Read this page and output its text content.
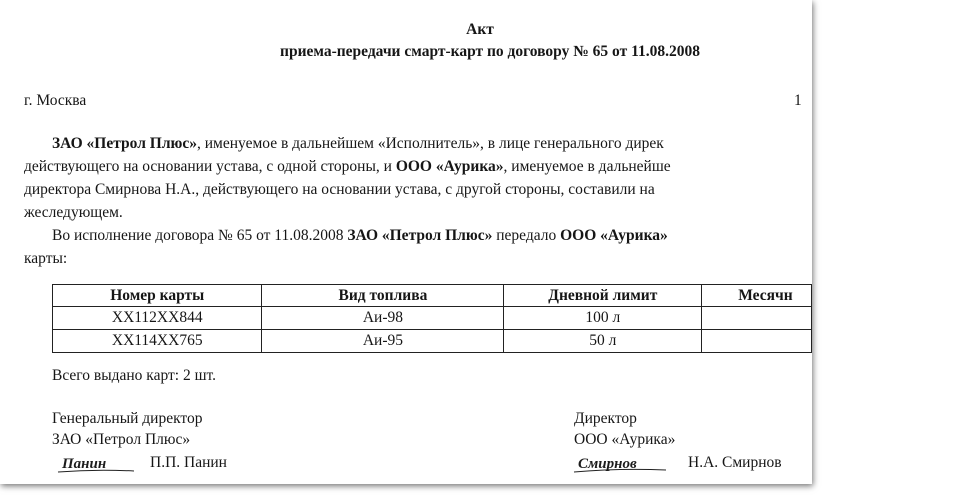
Акт
приема-передачи смарт-карт по договору № 65 от 11.08.2008
г. Москва	1
ЗАО «Петрол Плюс», именуемое в дальнейшем «Исполнитель», в лице генерального дирек
действующего на основании устава, с одной стороны, и ООО «Аурика», именуемое в дальнейше
директора Смирнова Н.А., действующего на основании устава, с другой стороны, составили на
жеследующем.
Во исполнение договора № 65 от 11.08.2008 ЗАО «Петрол Плюс» передало ООО «Аурика»
карты:
Номер карты	Вид топлива	Дневной лимит	Месячн
XX112XX844	Аи-98	100 л	
XX114XX765	Аи-95	50 л	
Всего выдано карт: 2 шт.
Генеральный директор
ЗАО «Петрол Плюс»
Панин	П.П. Панин
Директор
ООО «Аурика»
Смирнов	Н.А. Смирнов
